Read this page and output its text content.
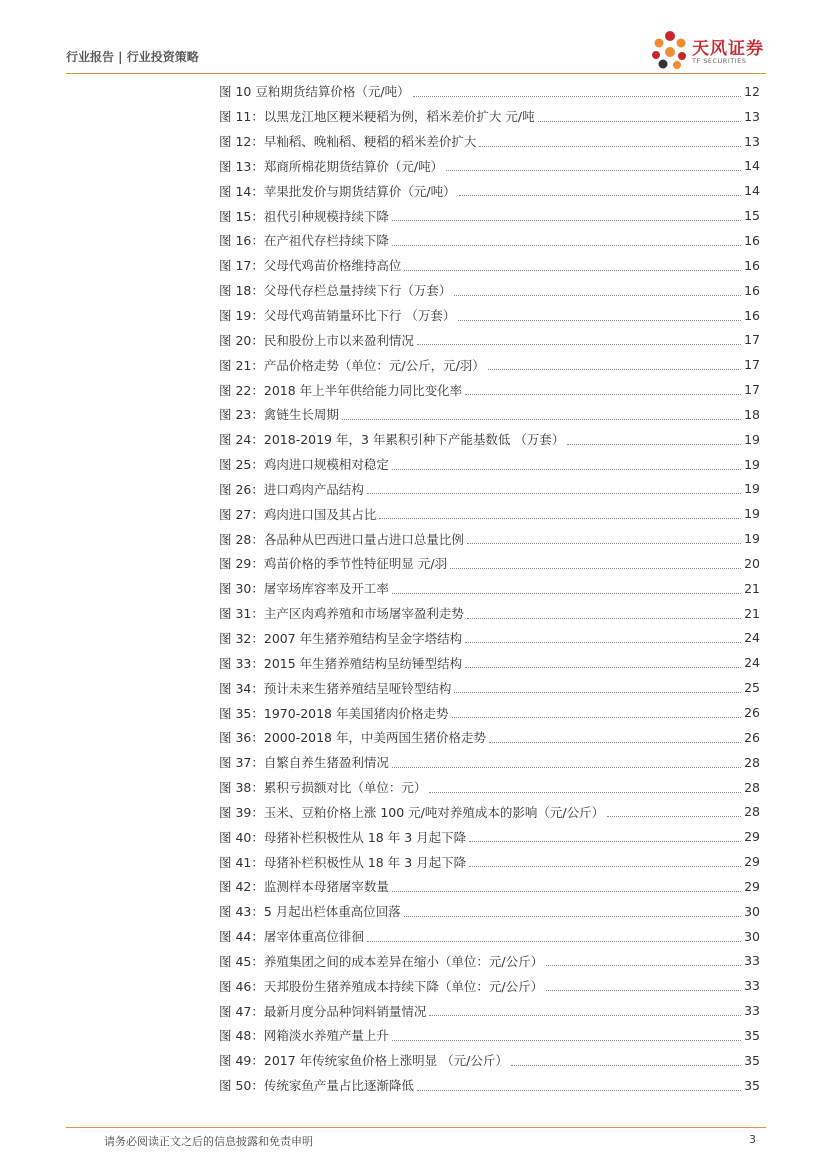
行业报告 | 行业投资策略	天风证券
TF SECURITIES
图 10 豆粕期货结算价格（元/吨）	12
图 11：以黑龙江地区粳米粳稻为例，稻米差价扩大 元/吨	13
图 12：早籼稻、晚籼稻、粳稻的稻米差价扩大	13
图 13：郑商所棉花期货结算价（元/吨）	14
图 14：苹果批发价与期货结算价（元/吨）	14
图 15：祖代引种规模持续下降	15
图 16：在产祖代存栏持续下降	16
图 17：父母代鸡苗价格维持高位	16
图 18：父母代存栏总量持续下行（万套）	16
图 19：父母代鸡苗销量环比下行 （万套）	16
图 20：民和股份上市以来盈利情况	17
图 21：产品价格走势（单位：元/公斤，元/羽）	17
图 22：2018 年上半年供给能力同比变化率	17
图 23：禽链生长周期	18
图 24：2018-2019 年，3 年累积引种下产能基数低 （万套）	19
图 25：鸡肉进口规模相对稳定	19
图 26：进口鸡肉产品结构	19
图 27：鸡肉进口国及其占比	19
图 28：各品种从巴西进口量占进口总量比例	19
图 29：鸡苗价格的季节性特征明显 元/羽	20
图 30：屠宰场库容率及开工率	21
图 31：主产区肉鸡养殖和市场屠宰盈利走势	21
图 32：2007 年生猪养殖结构呈金字塔结构	24
图 33：2015 年生猪养殖结构呈纺锤型结构	24
图 34：预计未来生猪养殖结呈哑铃型结构	25
图 35：1970-2018 年美国猪肉价格走势	26
图 36：2000-2018 年，中美两国生猪价格走势	26
图 37：自繁自养生猪盈利情况	28
图 38：累积亏损额对比（单位：元）	28
图 39：玉米、豆粕价格上涨 100 元/吨对养殖成本的影响（元/公斤）	28
图 40：母猪补栏积极性从 18 年 3 月起下降	29
图 41：母猪补栏积极性从 18 年 3 月起下降	29
图 42：监测样本母猪屠宰数量	29
图 43：5 月起出栏体重高位回落	30
图 44：屠宰体重高位徘徊	30
图 45：养殖集团之间的成本差异在缩小（单位：元/公斤）	33
图 46：天邦股份生猪养殖成本持续下降（单位：元/公斤）	33
图 47：最新月度分品种饲料销量情况	33
图 48：网箱淡水养殖产量上升	35
图 49：2017 年传统家鱼价格上涨明显 （元/公斤）	35
图 50：传统家鱼产量占比逐渐降低	35
请务必阅读正文之后的信息披露和免责申明	3
